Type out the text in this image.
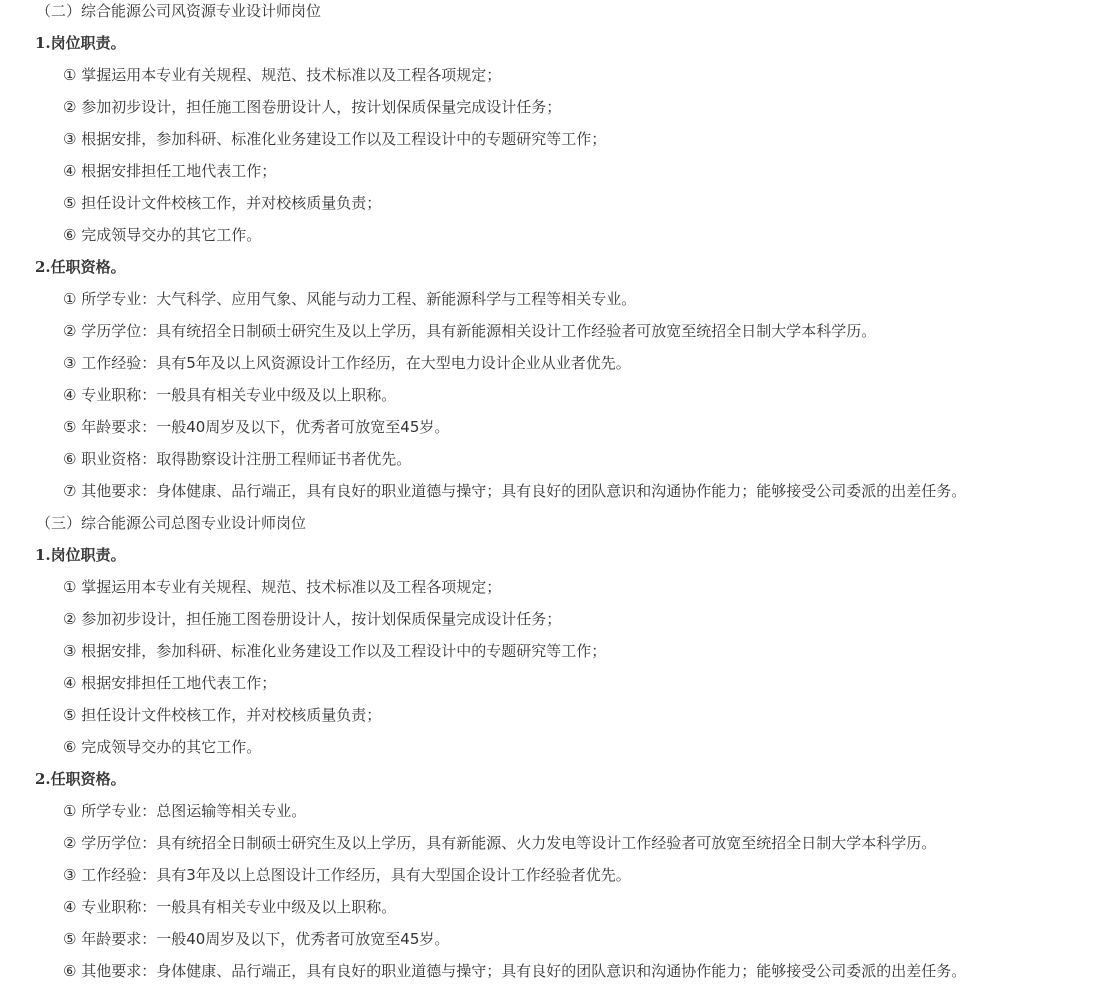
（二）综合能源公司风资源专业设计师岗位
1.岗位职责。
① 掌握运用本专业有关规程、规范、技术标准以及工程各项规定；
② 参加初步设计，担任施工图卷册设计人，按计划保质保量完成设计任务；
③ 根据安排，参加科研、标准化业务建设工作以及工程设计中的专题研究等工作；
④ 根据安排担任工地代表工作；
⑤ 担任设计文件校核工作，并对校核质量负责；
⑥ 完成领导交办的其它工作。
2.任职资格。
① 所学专业：大气科学、应用气象、风能与动力工程、新能源科学与工程等相关专业。
② 学历学位：具有统招全日制硕士研究生及以上学历，具有新能源相关设计工作经验者可放宽至统招全日制大学本科学历。
③ 工作经验：具有5年及以上风资源设计工作经历，在大型电力设计企业从业者优先。
④ 专业职称：一般具有相关专业中级及以上职称。
⑤ 年龄要求：一般40周岁及以下，优秀者可放宽至45岁。
⑥ 职业资格：取得勘察设计注册工程师证书者优先。
⑦ 其他要求：身体健康、品行端正，具有良好的职业道德与操守；具有良好的团队意识和沟通协作能力；能够接受公司委派的出差任务。
（三）综合能源公司总图专业设计师岗位
1.岗位职责。
① 掌握运用本专业有关规程、规范、技术标准以及工程各项规定；
② 参加初步设计，担任施工图卷册设计人，按计划保质保量完成设计任务；
③ 根据安排，参加科研、标准化业务建设工作以及工程设计中的专题研究等工作；
④ 根据安排担任工地代表工作；
⑤ 担任设计文件校核工作，并对校核质量负责；
⑥ 完成领导交办的其它工作。
2.任职资格。
① 所学专业：总图运输等相关专业。
② 学历学位：具有统招全日制硕士研究生及以上学历，具有新能源、火力发电等设计工作经验者可放宽至统招全日制大学本科学历。
③ 工作经验：具有3年及以上总图设计工作经历，具有大型国企设计工作经验者优先。
④ 专业职称：一般具有相关专业中级及以上职称。
⑤ 年龄要求：一般40周岁及以下，优秀者可放宽至45岁。
⑥ 其他要求：身体健康、品行端正，具有良好的职业道德与操守；具有良好的团队意识和沟通协作能力；能够接受公司委派的出差任务。
